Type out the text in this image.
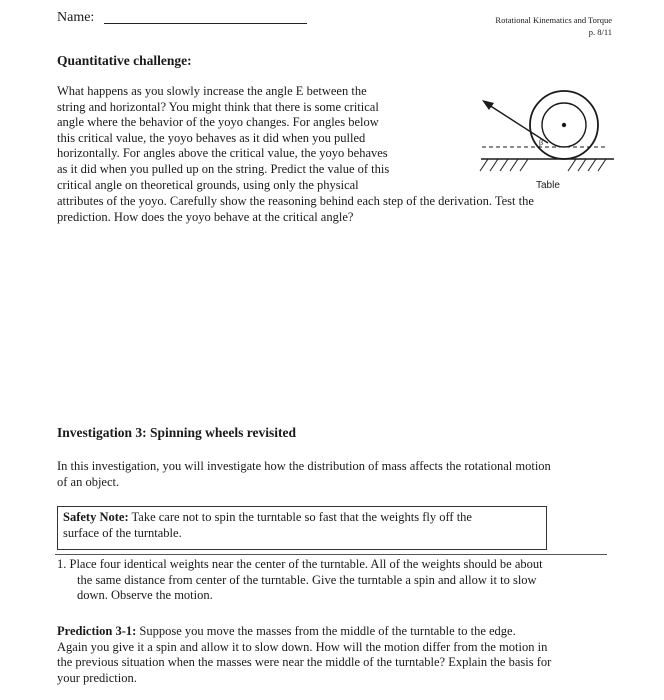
Name:	Rotational Kinematics and Torque
p. 8/11
Quantitative challenge:
What happens as you slowly increase the angle E between the
string and horizontal? You might think that there is some critical
angle where the behavior of the yoyo changes. For angles below
this critical value, the yoyo behaves as it did when you pulled
horizontally. For angles above the critical value, the yoyo behaves
as it did when you pulled up on the string. Predict the value of this
critical angle on theoretical grounds, using only the physical
attributes of the yoyo. Carefully show the reasoning behind each step of the derivation. Test the
prediction. How does the yoyo behave at the critical angle?
β
Table
Investigation 3: Spinning wheels revisited
In this investigation, you will investigate how the distribution of mass affects the rotational motion
of an object.
Safety Note: Take care not to spin the turntable so fast that the weights fly off the
surface of the turntable.
1. Place four identical weights near the center of the turntable. All of the weights should be about
the same distance from center of the turntable. Give the turntable a spin and allow it to slow
down. Observe the motion.
Prediction 3-1: Suppose you move the masses from the middle of the turntable to the edge.
Again you give it a spin and allow it to slow down. How will the motion differ from the motion in
the previous situation when the masses were near the middle of the turntable? Explain the basis for
your prediction.
